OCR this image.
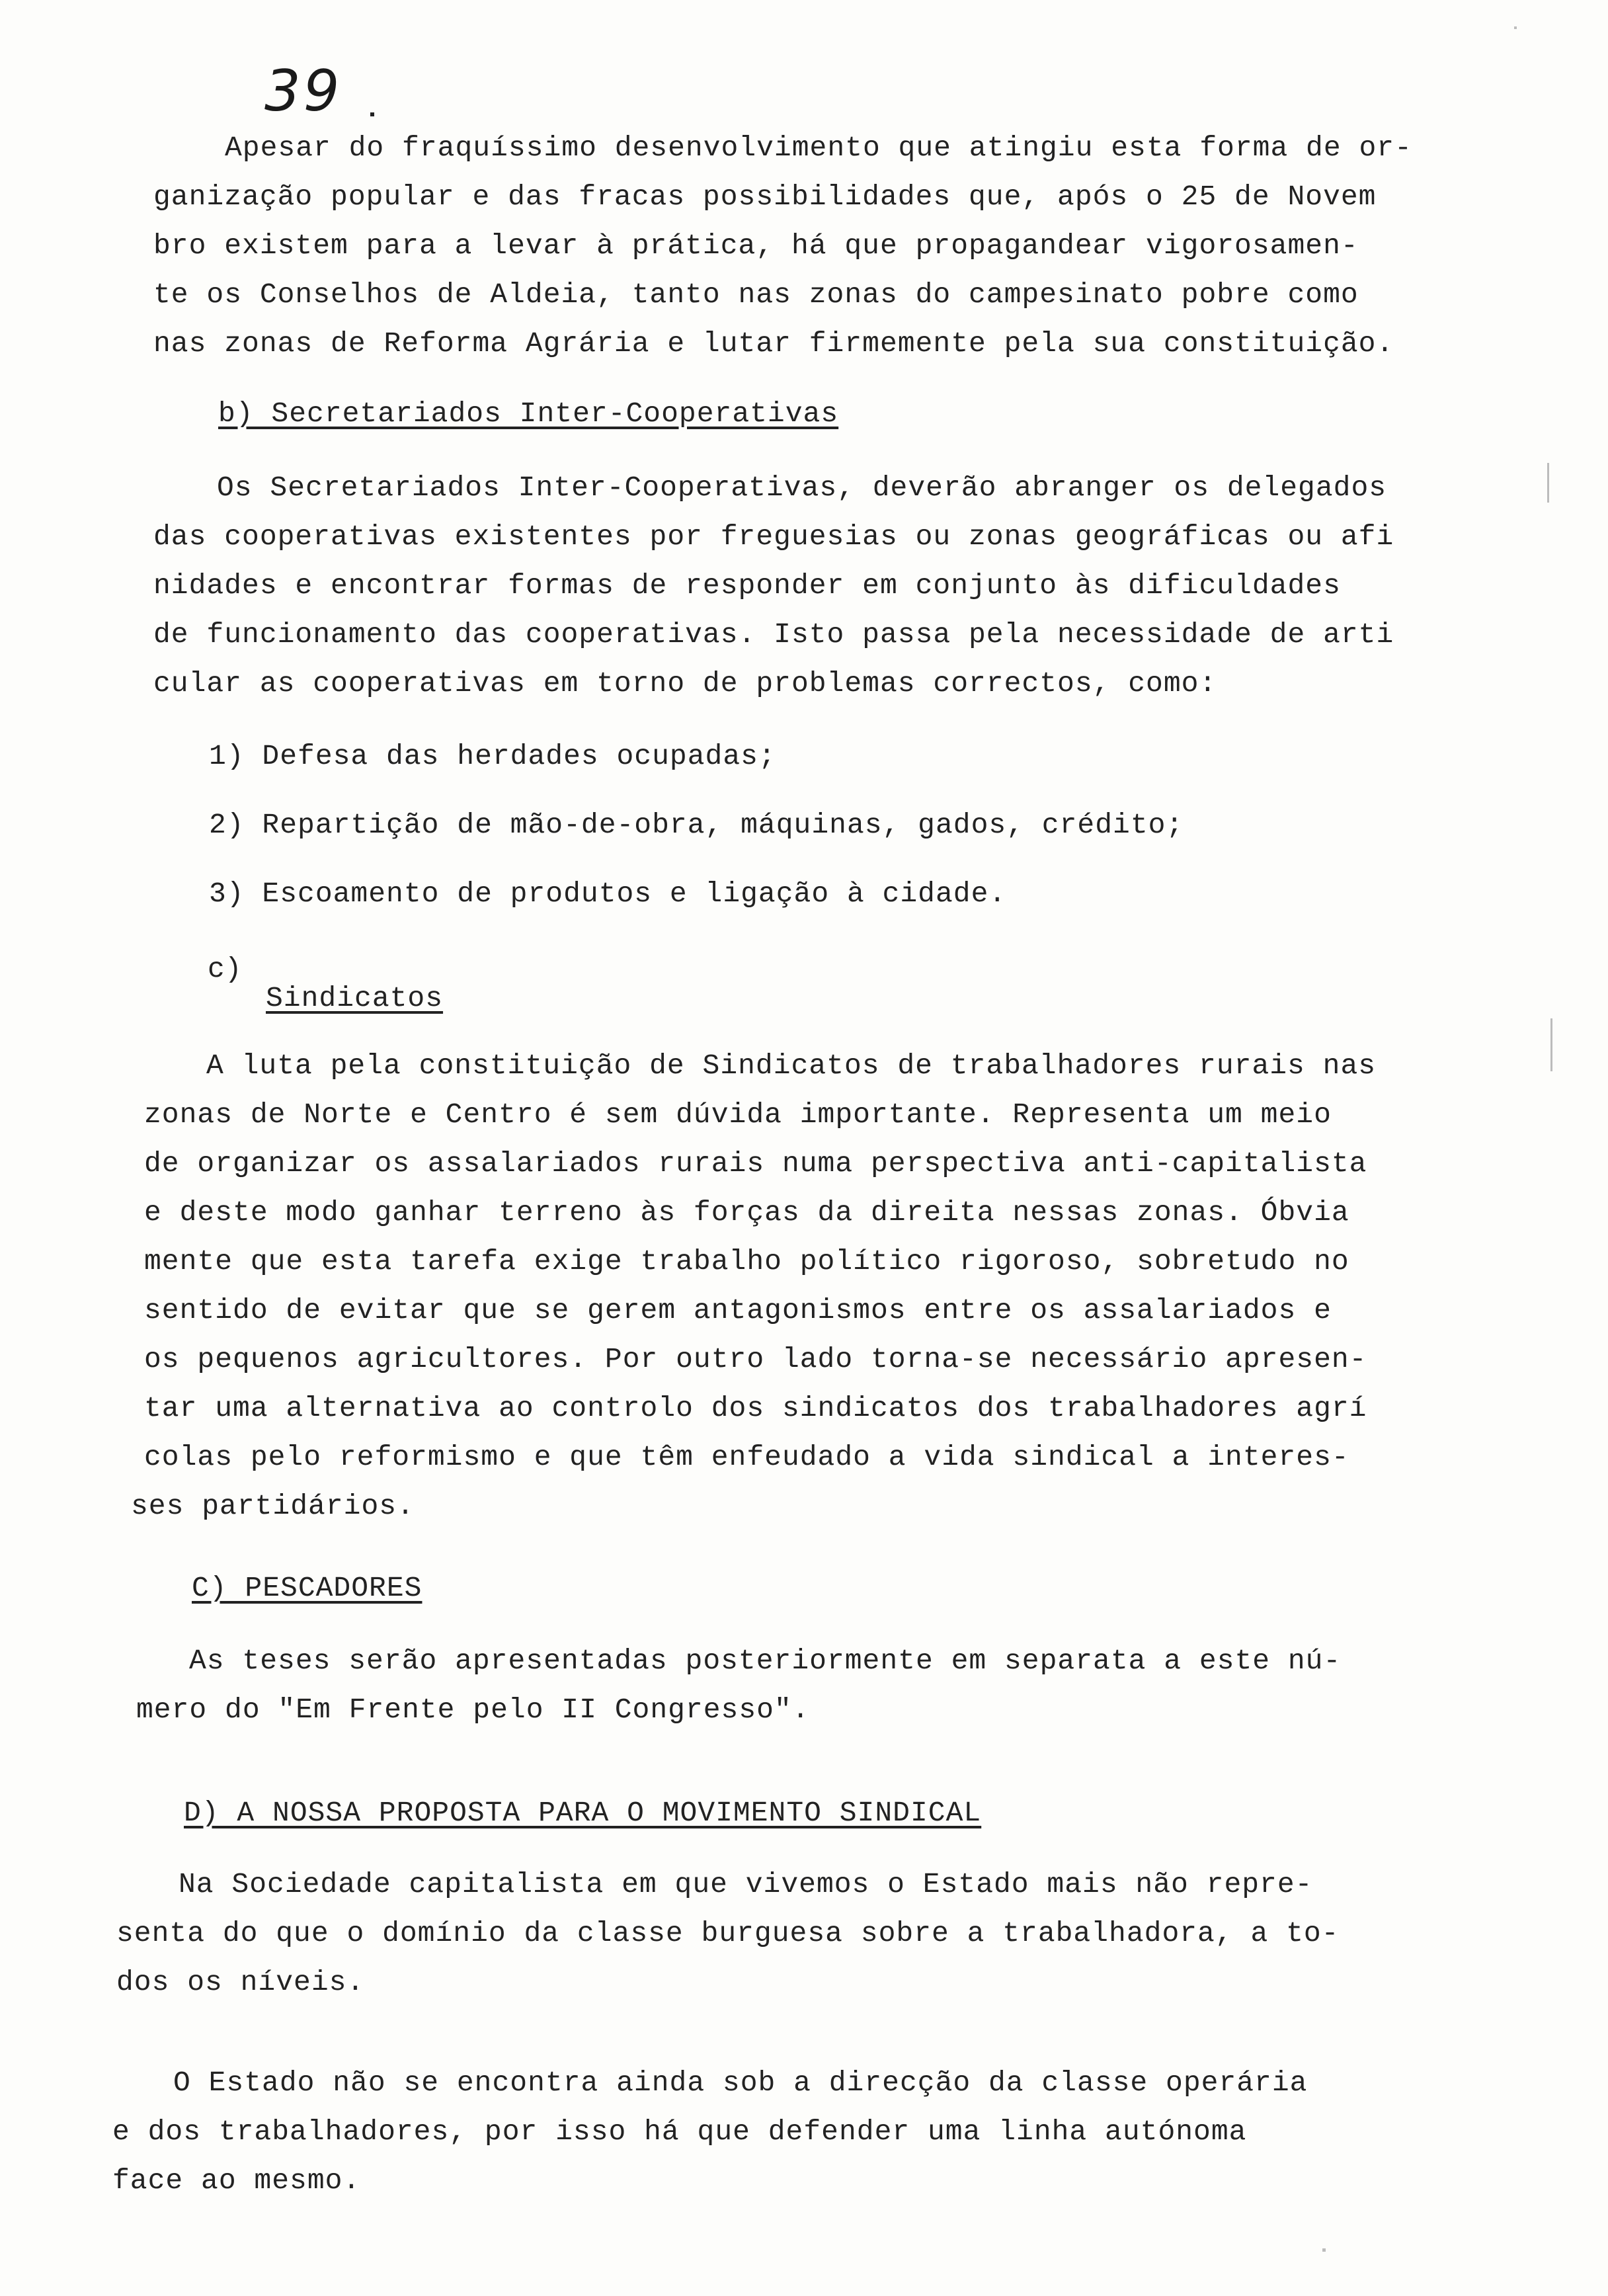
39
Apesar do fraquíssimo desenvolvimento que atingiu esta forma de or-
ganização popular e das fracas possibilidades que, após o 25 de Novem
bro existem para a levar à prática, há que propagandear vigorosamen-
te os Conselhos de Aldeia, tanto nas zonas do campesinato pobre como
nas zonas de Reforma Agrária e lutar firmemente pela sua constituição.
b) Secretariados Inter-Cooperativas
Os Secretariados Inter-Cooperativas, deverão abranger os delegados
das cooperativas existentes por freguesias ou zonas geográficas ou afi
nidades e encontrar formas de responder em conjunto às dificuldades
de funcionamento das cooperativas. Isto passa pela necessidade de arti
cular as cooperativas em torno de problemas correctos, como:
1) Defesa das herdades ocupadas;
2) Repartição de mão-de-obra, máquinas, gados, crédito;
3) Escoamento de produtos e ligação à cidade.
c)
Sindicatos
A luta pela constituição de Sindicatos de trabalhadores rurais nas
zonas de Norte e Centro é sem dúvida importante. Representa um meio
de organizar os assalariados rurais numa perspectiva anti-capitalista
e deste modo ganhar terreno às forças da direita nessas zonas. Óbvia
mente que esta tarefa exige trabalho político rigoroso, sobretudo no
sentido de evitar que se gerem antagonismos entre os assalariados e
os pequenos agricultores. Por outro lado torna-se necessário apresen-
tar uma alternativa ao controlo dos sindicatos dos trabalhadores agrí
colas pelo reformismo e que têm enfeudado a vida sindical a interes-
ses partidários.
C) PESCADORES
As teses serão apresentadas posteriormente em separata a este nú-
mero do "Em Frente pelo II Congresso".
D) A NOSSA PROPOSTA PARA O MOVIMENTO SINDICAL
Na Sociedade capitalista em que vivemos o Estado mais não repre-
senta do que o domínio da classe burguesa sobre a trabalhadora, a to-
dos os níveis.
O Estado não se encontra ainda sob a direcção da classe operária
e dos trabalhadores, por isso há que defender uma linha autónoma
face ao mesmo.
